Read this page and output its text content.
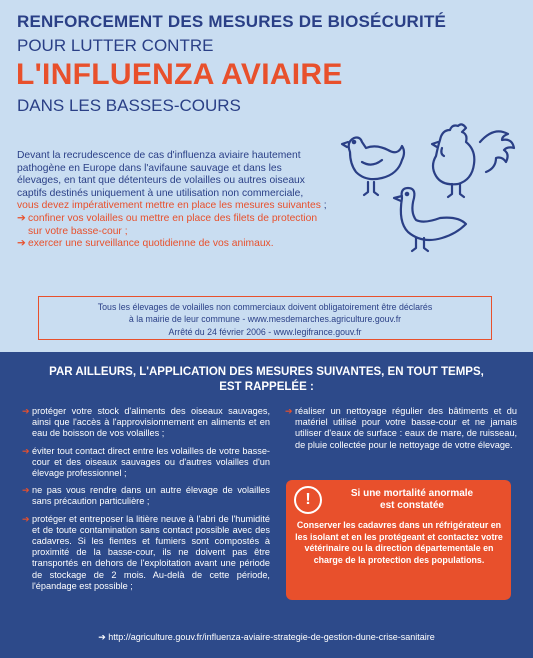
RENFORCEMENT DES MESURES DE BIOSÉCURITÉ
POUR LUTTER CONTRE
L'INFLUENZA AVIAIRE
DANS LES BASSES-COURS
Devant la recrudescence de cas d'influenza aviaire hautement pathogène en Europe dans l'avifaune sauvage et dans les élevages, en tant que détenteurs de volailles ou autres oiseaux captifs destinés uniquement à une utilisation non commerciale, vous devez impérativement mettre en place les mesures suivantes ;
➔ confiner vos volailles ou mettre en place des filets de protection sur votre basse-cour ;
➔ exercer une surveillance quotidienne de vos animaux.
Tous les élevages de volailles non commerciaux doivent obligatoirement être déclarés
à la mairie de leur commune - www.mesdemarches.agriculture.gouv.fr
Arrêté du 24 février 2006 - www.legifrance.gouv.fr
PAR AILLEURS, L'APPLICATION DES MESURES SUIVANTES, EN TOUT TEMPS,
EST RAPPELÉE :
➔ protéger votre stock d'aliments des oiseaux sauvages, ainsi que l'accès à l'approvisionnement en aliments et en eau de boisson de vos volailles ;
➔ éviter tout contact direct entre les volailles de votre basse-cour et des oiseaux sauvages ou d'autres volailles d'un élevage professionnel ;
➔ ne pas vous rendre dans un autre élevage de volailles sans précaution particulière ;
➔ protéger et entreposer la litière neuve à l'abri de l'humidité et de toute contamination sans contact possible avec des cadavres. Si les fientes et fumiers sont compostés à proximité de la basse-cour, ils ne doivent pas être transportés en dehors de l'exploitation avant une période de stockage de 2 mois. Au-delà de cette période, l'épandage est possible ;
➔ réaliser un nettoyage régulier des bâtiments et du matériel utilisé pour votre basse-cour et ne jamais utiliser d'eaux de surface : eaux de mare, de ruisseau, de pluie collectée pour le nettoyage de votre élevage.
!	Si une mortalité anormale
est constatée
Conserver les cadavres dans un réfrigérateur en les isolant et en les protégeant et contactez votre vétérinaire ou la direction départementale en charge de la protection des populations.
➔ http://agriculture.gouv.fr/influenza-aviaire-strategie-de-gestion-dune-crise-sanitaire
